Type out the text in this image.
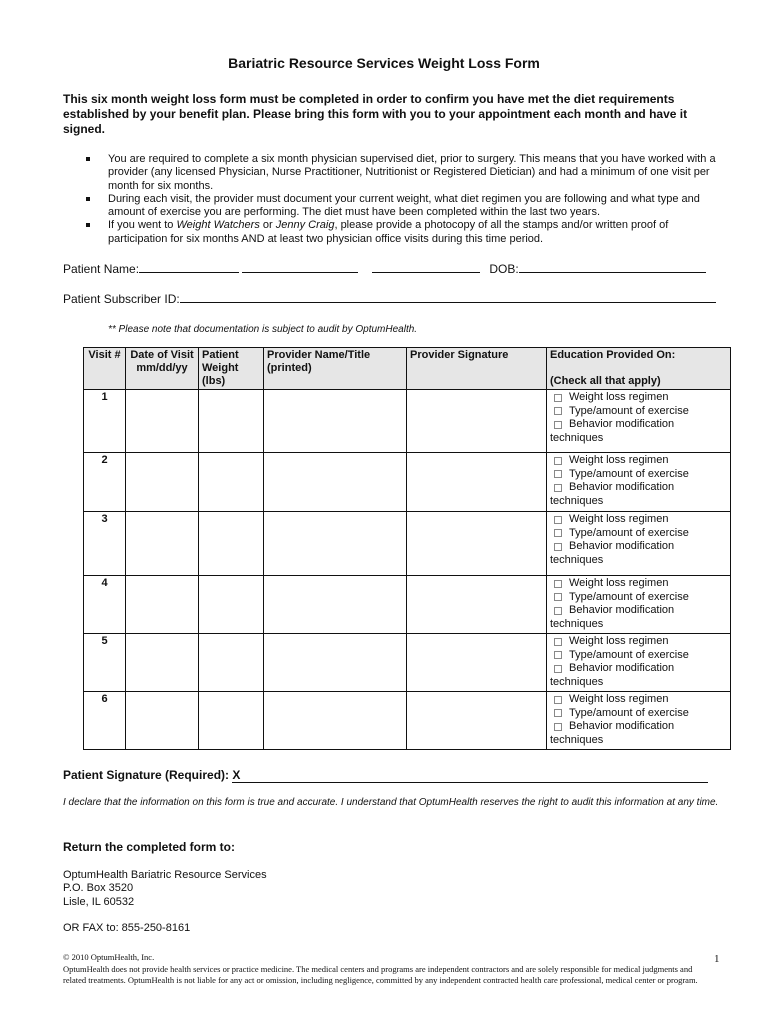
Bariatric Resource Services Weight Loss Form
This six month weight loss form must be completed in order to confirm you have met the diet requirements established by your benefit plan. Please bring this form with you to your appointment each month and have it signed.
You are required to complete a six month physician supervised diet, prior to surgery. This means that you have worked with a provider (any licensed Physician, Nurse Practitioner, Nutritionist or Registered Dietician) and had a minimum of one visit per month for six months.
During each visit, the provider must document your current weight, what diet regimen you are following and what type and amount of exercise you are performing. The diet must have been completed within the last two years.
If you went to Weight Watchers or Jenny Craig, please provide a photocopy of all the stamps and/or written proof of participation for six months AND at least two physician office visits during this time period.
Patient Name:	DOB:
Patient Subscriber ID:
** Please note that documentation is subject to audit by OptumHealth.
Visit #	Date of Visit mm/dd/yy	Patient Weight (lbs)	Provider Name/Title (printed)	Provider Signature	Education Provided On:
(Check all that apply)

1					Weight loss regimen
Type/amount of exercise
Behavior modification
techniques

2					Weight loss regimen
Type/amount of exercise
Behavior modification
techniques

3					Weight loss regimen
Type/amount of exercise
Behavior modification
techniques

4					Weight loss regimen
Type/amount of exercise
Behavior modification
techniques

5					Weight loss regimen
Type/amount of exercise
Behavior modification
techniques

6					Weight loss regimen
Type/amount of exercise
Behavior modification
techniques
Patient Signature (Required): X
I declare that the information on this form is true and accurate. I understand that OptumHealth reserves the right to audit this information at any time.
Return the completed form to:
OptumHealth Bariatric Resource Services
P.O. Box 3520
Lisle, IL 60532
OR FAX to: 855-250-8161
© 2010 OptumHealth, Inc.
OptumHealth does not provide health services or practice medicine. The medical centers and programs are independent contractors and are solely responsible for medical judgments and related treatments. OptumHealth is not liable for any act or omission, including negligence, committed by any independent contracted health care professional, medical center or program.
1
